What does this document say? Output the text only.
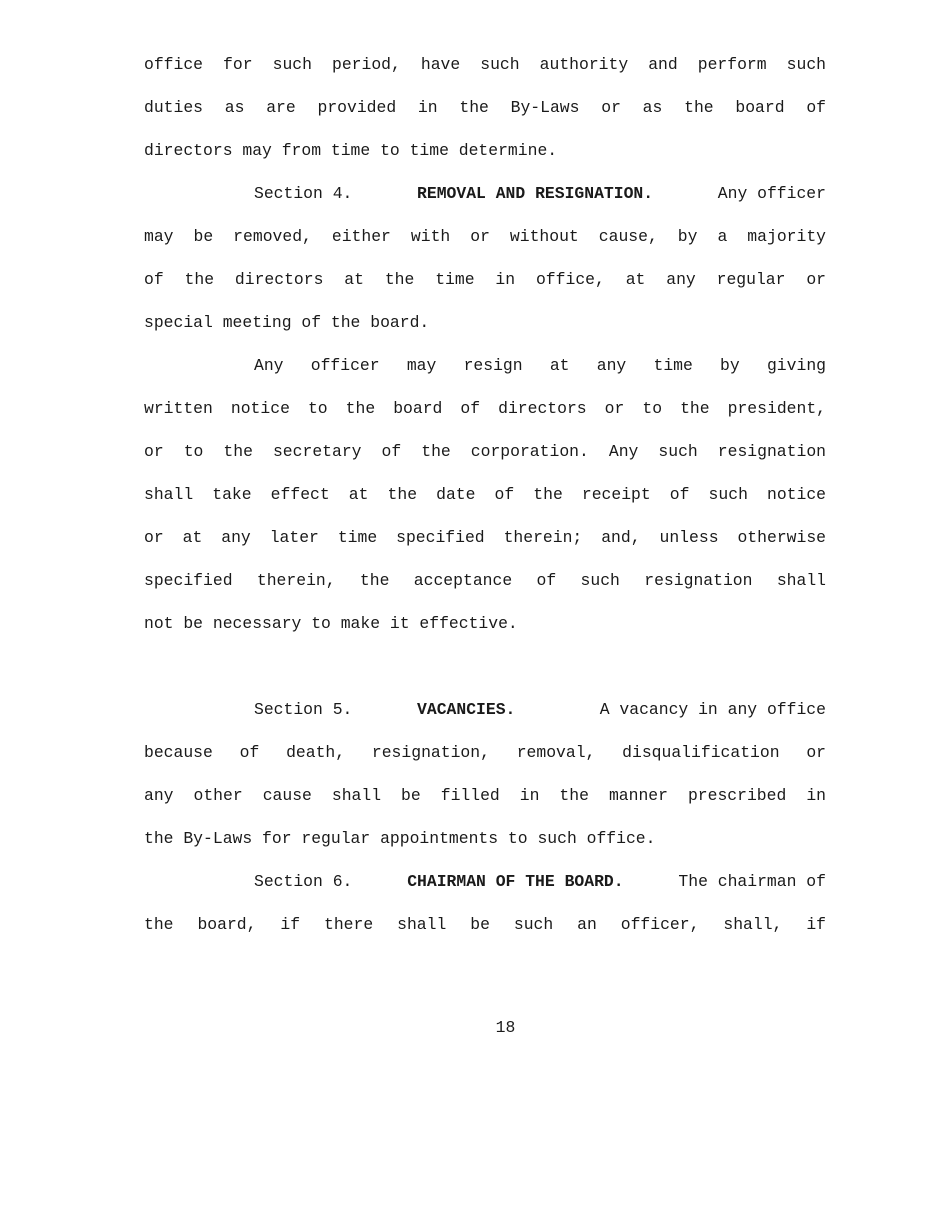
office for such period, have such authority and perform such
duties as are provided in the By-Laws or as the board of
directors may from time to time determine.
Section 4.
	REMOVAL AND RESIGNATION.
	Any officer
may be removed, either with or without cause, by a majority
of the directors at the time in office, at any regular or
special meeting of the board.
Any officer may resign at any time by giving
written notice to the board of directors or to the president,
or to the secretary of the corporation. Any such resignation
shall take effect at the date of the receipt of such notice
or at any later time specified therein; and, unless otherwise
specified therein, the acceptance of such resignation shall
not be necessary to make it effective.
Section 5.
	VACANCIES.
	A vacancy in any office
because of death, resignation, removal, disqualification or
any other cause shall be filled in the manner prescribed in
the By-Laws for regular appointments to such office.
Section 6.
	CHAIRMAN OF THE BOARD.
	The chairman of
the board, if there shall be such an officer, shall, if
18
